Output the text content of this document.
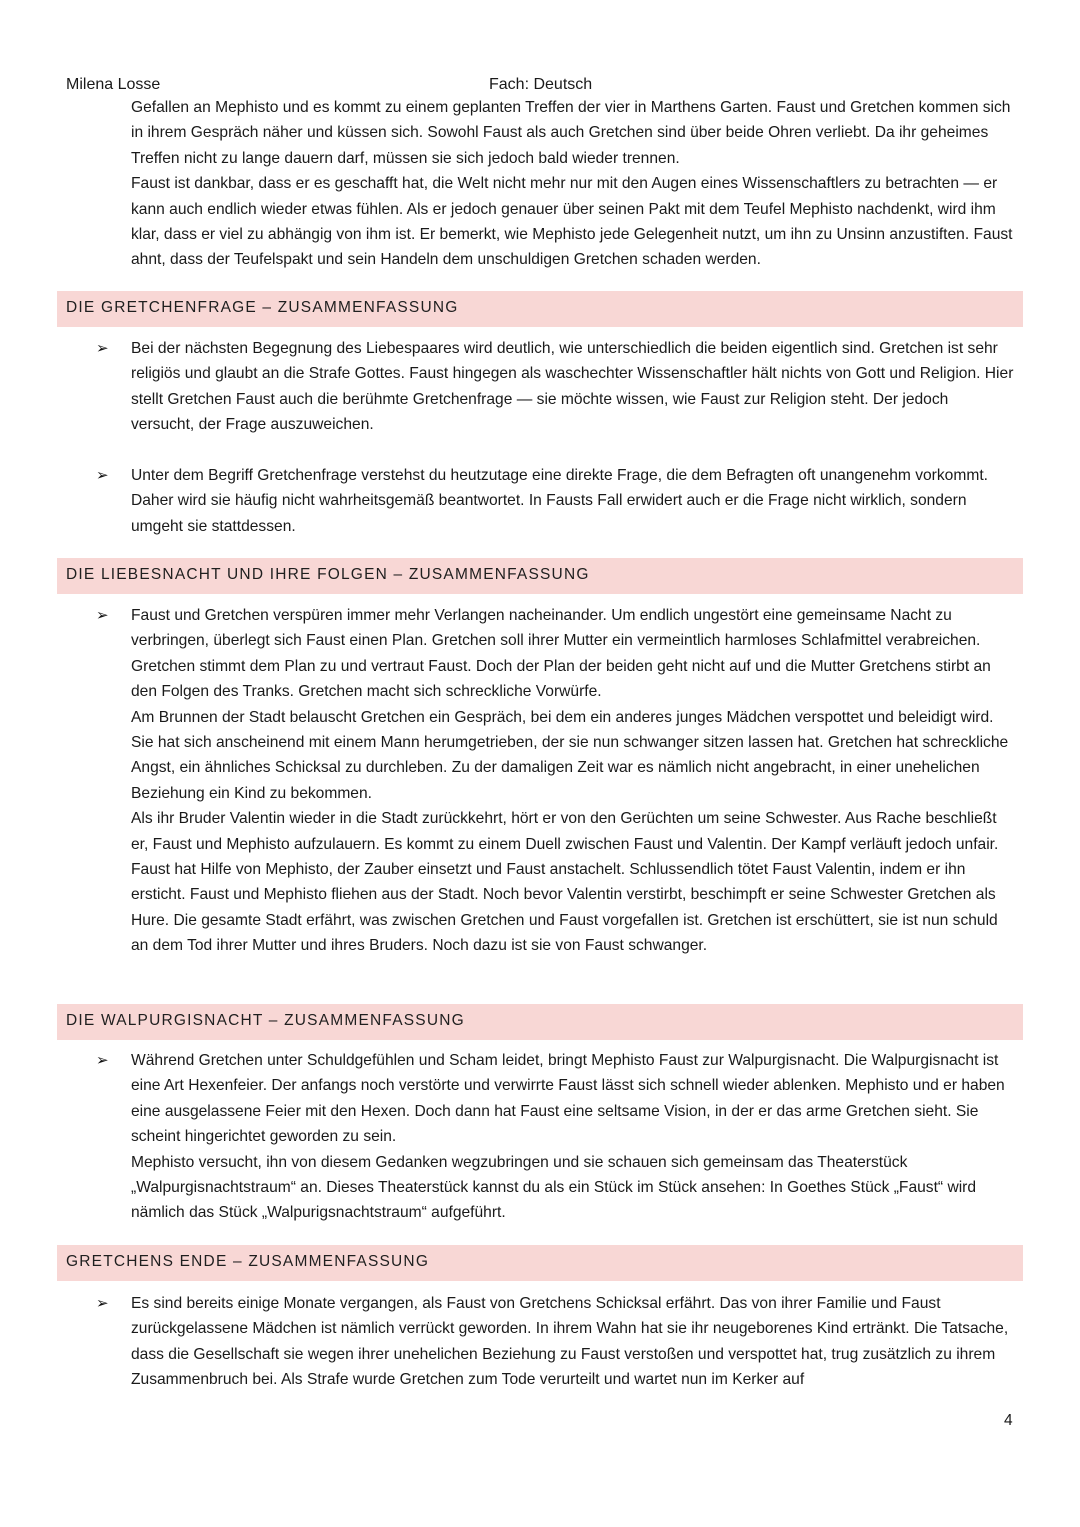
Milena Losse	Fach: Deutsch

Gefallen an Mephisto und es kommt zu einem geplanten Treffen der vier in Marthens Garten. Faust und Gretchen kommen sich in ihrem Gespräch näher und küssen sich. Sowohl Faust als auch Gretchen sind über beide Ohren verliebt. Da ihr geheimes Treffen nicht zu lange dauern darf, müssen sie sich jedoch bald wieder trennen.

Faust ist dankbar, dass er es geschafft hat, die Welt nicht mehr nur mit den Augen eines Wissenschaftlers zu betrachten — er kann auch endlich wieder etwas fühlen. Als er jedoch genauer über seinen Pakt mit dem Teufel Mephisto nachdenkt, wird ihm klar, dass er viel zu abhängig von ihm ist. Er bemerkt, wie Mephisto jede Gelegenheit nutzt, um ihn zu Unsinn anzustiften. Faust ahnt, dass der Teufelspakt und sein Handeln dem unschuldigen Gretchen schaden werden.

DIE GRETCHENFRAGE – ZUSAMMENFASSUNG
➢ Bei der nächsten Begegnung des Liebespaares wird deutlich, wie unterschiedlich die beiden eigentlich sind. Gretchen ist sehr religiös und glaubt an die Strafe Gottes. Faust hingegen als waschechter Wissenschaftler hält nichts von Gott und Religion. Hier stellt Gretchen Faust auch die berühmte Gretchenfrage — sie möchte wissen, wie Faust zur Religion steht. Der jedoch versucht, der Frage auszuweichen.

➢ Unter dem Begriff Gretchenfrage verstehst du heutzutage eine direkte Frage, die dem Befragten oft unangenehm vorkommt. Daher wird sie häufig nicht wahrheitsgemäß beantwortet. In Fausts Fall erwidert auch er die Frage nicht wirklich, sondern umgeht sie stattdessen.

DIE LIEBESNACHT UND IHRE FOLGEN – ZUSAMMENFASSUNG
➢ Faust und Gretchen verspüren immer mehr Verlangen nacheinander. Um endlich ungestört eine gemeinsame Nacht zu verbringen, überlegt sich Faust einen Plan. Gretchen soll ihrer Mutter ein vermeintlich harmloses Schlafmittel verabreichen. Gretchen stimmt dem Plan zu und vertraut Faust. Doch der Plan der beiden geht nicht auf und die Mutter Gretchens stirbt an den Folgen des Tranks. Gretchen macht sich schreckliche Vorwürfe.

Am Brunnen der Stadt belauscht Gretchen ein Gespräch, bei dem ein anderes junges Mädchen verspottet und beleidigt wird. Sie hat sich anscheinend mit einem Mann herumgetrieben, der sie nun schwanger sitzen lassen hat. Gretchen hat schreckliche Angst, ein ähnliches Schicksal zu durchleben. Zu der damaligen Zeit war es nämlich nicht angebracht, in einer unehelichen Beziehung ein Kind zu bekommen.

Als ihr Bruder Valentin wieder in die Stadt zurückkehrt, hört er von den Gerüchten um seine Schwester. Aus Rache beschließt er, Faust und Mephisto aufzulauern. Es kommt zu einem Duell zwischen Faust und Valentin. Der Kampf verläuft jedoch unfair. Faust hat Hilfe von Mephisto, der Zauber einsetzt und Faust anstachelt. Schlussendlich tötet Faust Valentin, indem er ihn ersticht. Faust und Mephisto fliehen aus der Stadt. Noch bevor Valentin verstirbt, beschimpft er seine Schwester Gretchen als Hure. Die gesamte Stadt erfährt, was zwischen Gretchen und Faust vorgefallen ist. Gretchen ist erschüttert, sie ist nun schuld an dem Tod ihrer Mutter und ihres Bruders. Noch dazu ist sie von Faust schwanger.

DIE WALPURGISNACHT – ZUSAMMENFASSUNG
➢ Während Gretchen unter Schuldgefühlen und Scham leidet, bringt Mephisto Faust zur Walpurgisnacht. Die Walpurgisnacht ist eine Art Hexenfeier. Der anfangs noch verstörte und verwirrte Faust lässt sich schnell wieder ablenken. Mephisto und er haben eine ausgelassene Feier mit den Hexen. Doch dann hat Faust eine seltsame Vision, in der er das arme Gretchen sieht. Sie scheint hingerichtet geworden zu sein.

Mephisto versucht, ihn von diesem Gedanken wegzubringen und sie schauen sich gemeinsam das Theaterstück „Walpurgisnachtstraum“ an. Dieses Theaterstück kannst du als ein Stück im Stück ansehen: In Goethes Stück „Faust“ wird nämlich das Stück „Walpurigsnachtstraum“ aufgeführt.

GRETCHENS ENDE – ZUSAMMENFASSUNG
➢ Es sind bereits einige Monate vergangen, als Faust von Gretchens Schicksal erfährt. Das von ihrer Familie und Faust zurückgelassene Mädchen ist nämlich verrückt geworden. In ihrem Wahn hat sie ihr neugeborenes Kind ertränkt. Die Tatsache, dass die Gesellschaft sie wegen ihrer unehelichen Beziehung zu Faust verstoßen und verspottet hat, trug zusätzlich zu ihrem Zusammenbruch bei. Als Strafe wurde Gretchen zum Tode verurteilt und wartet nun im Kerker auf

4
